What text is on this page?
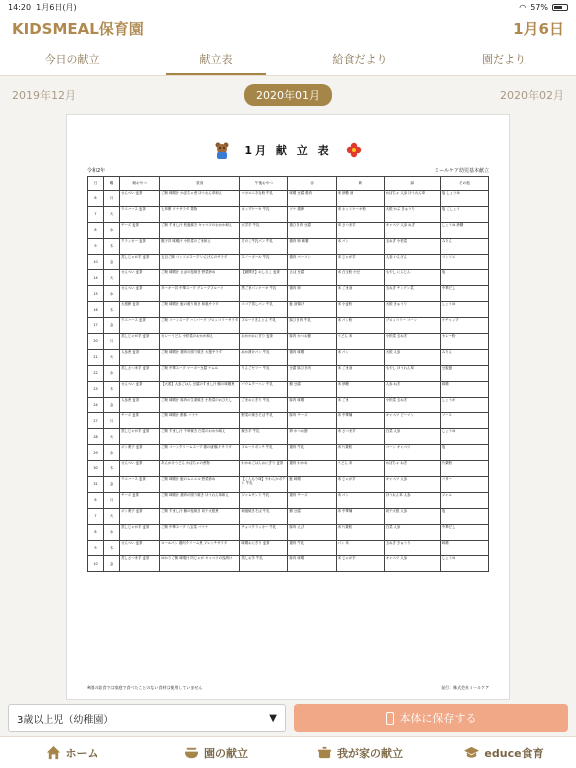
14:20 1月6日(月)	◠ 57%
KIDSMEAL保育園	1月6日
今日の献立	献立表	給食だより	園だより
2019年12月	2020年01月	2020年02月
1月 献 立 表
令和2年	ミールケア幼児基本献立
日	曜	朝おやつ	昼食	午後おやつ	赤	黄	緑	その他
6	月	せんべい 麦茶	ご飯 味噌汁 かぼちゃ煮 ほうれん草和え	マカロニきな粉 牛乳	味噌 豆腐 鶏肉	米 砂糖 油	かぼちゃ 人参 ほうれん草	塩 しょうゆ
7	火	ウエハース 麦茶	七草粥 ツナサラダ 果物	カップケーキ 牛乳	ツナ 鶏卵	米 ホットケーキ粉	大根 かぶ きゅうり	塩 こしょう
8	水	チーズ 麦茶	ご飯 すまし汁 松風焼き キャベツのおかか和え	大学芋 牛乳	鶏ひき肉 豆腐	米 さつま芋	キャベツ 人参 ねぎ	しょうゆ 砂糖
9	木	クラッカー 麦茶	親子丼 味噌汁 小松菜のごま和え	そのこ牛乳パン 牛乳	鶏肉 卵 味噌	米 パン	玉ねぎ 小松菜	みりん
10	金	蒸しじゃが芋 麦茶	五目ご飯 コンソメスープ いんげんのサラダ	スノーボール 牛乳	鶏肉 ベーコン	米 じゃが芋	人参 いんげん	コンソメ
14	火	せんべい 麦茶	ご飯 味噌汁 さばの塩焼き 野菜炒め	【鏡開き】おしるこ 麦茶	さば 豆腐	米 白玉粉 小豆	もやし にんじん	塩
15	水	せんべい 麦茶	ターキー丼 中華スープ グレープフルーツ	黒ごまパンケーキ 牛乳	鶏肉 卵	米 ごま油	玉ねぎ チンゲン菜	中華だし
16	木	大根餅 麦茶	ご飯 味噌汁 鮭の照り焼き 和風サラダ	ココア蒸しパン 牛乳	鮭 油揚げ	米 小麦粉	大根 きゅうり	しょうゆ
17	金	ウエハース 麦茶	ご飯 コーンスープ ハンバーグ ブロッコリーサラダ	フルーツきんとん 牛乳	豚ひき肉 牛乳	米 パン粉	ブロッコリー コーン	ケチャップ
20	月	蒸しじゃが芋 麦茶	カレーうどん 小松菜のおかか和え	おかかおにぎり 麦茶	豚肉 かつお節	うどん 米	小松菜 玉ねぎ	カレー粉
21	火	人参煮 麦茶	ご飯 味噌汁 鶏肉の照り焼き 大根サラダ	ぬか漬けパン 牛乳	鶏肉 味噌	米 パン	大根 人参	みりん
22	水	蒸しさつま芋 麦茶	ご飯 中華スープ マーボー豆腐 ナムル	りんごゼリー 牛乳	豆腐 豚ひき肉	米 ごま油	もやし ほうれん草	豆板醤
23	木	せんべい 麦茶	【大寒】人参ごはん 豆腐のすまし汁 鯖の味噌煮	バウムクーヘン 牛乳	鯖 豆腐	米 砂糖	人参 ねぎ	味噌
24	金	人参煮 麦茶	ご飯 味噌汁 豚肉の生姜焼き 小松菜のおひたし	ごまおにぎり 牛乳	豚肉 味噌	米 ごま	小松菜 玉ねぎ	しょうが
27	月	チーズ 麦茶	ご飯 味噌汁 酢豚 バナナ	野菜の焼きそば 牛乳	豚肉 チーズ	米 中華麺	キャベツ ピーマン	ソース
28	火	蒸しじゃが芋 麦茶	ご飯 すまし汁 千草焼き 白菜のおかか和え	焼き芋 牛乳	卵 かつお節	米 さつま芋	白菜 人参	しょうゆ
29	水	ボン菓子 麦茶	ご飯 コーンクリームスープ 鶏の唐揚げ サラダ	フルーツポンチ 牛乳	鶏肉 牛乳	米 片栗粉	コーン キャベツ	塩
30	木	せんべい 麦茶	あんかけうどん かぼちゃの煮物	わかめごはんおにぎり 麦茶	鶏肉 わかめ	うどん 米	かぼちゃ ねぎ	片栗粉
31	金	ウエハース 麦茶	ご飯 味噌汁 鮭のムニエル 野菜炒め	【こんもり味】やわらかポテト 牛乳	鮭 味噌	米 じゃが芋	キャベツ 人参	バター
6	月	チーズ 麦茶	ご飯 味噌汁 鶏肉の照り焼き ほうれん草和え	ジャムサンド 牛乳	鶏肉 チーズ	米 パン	ほうれん草 人参	ジャム
7	火	ボン菓子 麦茶	ご飯 すまし汁 鯖の塩焼き 切干大根煮	和風焼きそば 牛乳	鯖 豆腐	米 中華麺	切干大根 人参	塩
8	水	蒸しじゃが芋 麦茶	ご飯 中華スープ 八宝菜 バナナ	チョコクラッカー 牛乳	豚肉 えび	米 片栗粉	白菜 人参	中華だし
9	木	せんべい 麦茶	ロールパン 鶏肉クリーム煮 フレンチサラダ	味噌おにぎり 麦茶	鶏肉 牛乳	パン 米	玉ねぎ きゅうり	味噌
10	金	蒸しさつま芋 麦茶	ゆかりご飯 味噌汁 肉じゃが キャベツの浅漬け	蒸しお芋 牛乳	豚肉 味噌	米 じゃが芋	キャベツ 人参	しょうゆ
※園の給食では家庭で食べたことのない食材は使用していません	発行：株式会社ミールケア
3歳以上児（幼稚園）	▼	本体に保存する
ホーム	園の献立	我が家の献立	educe食育
